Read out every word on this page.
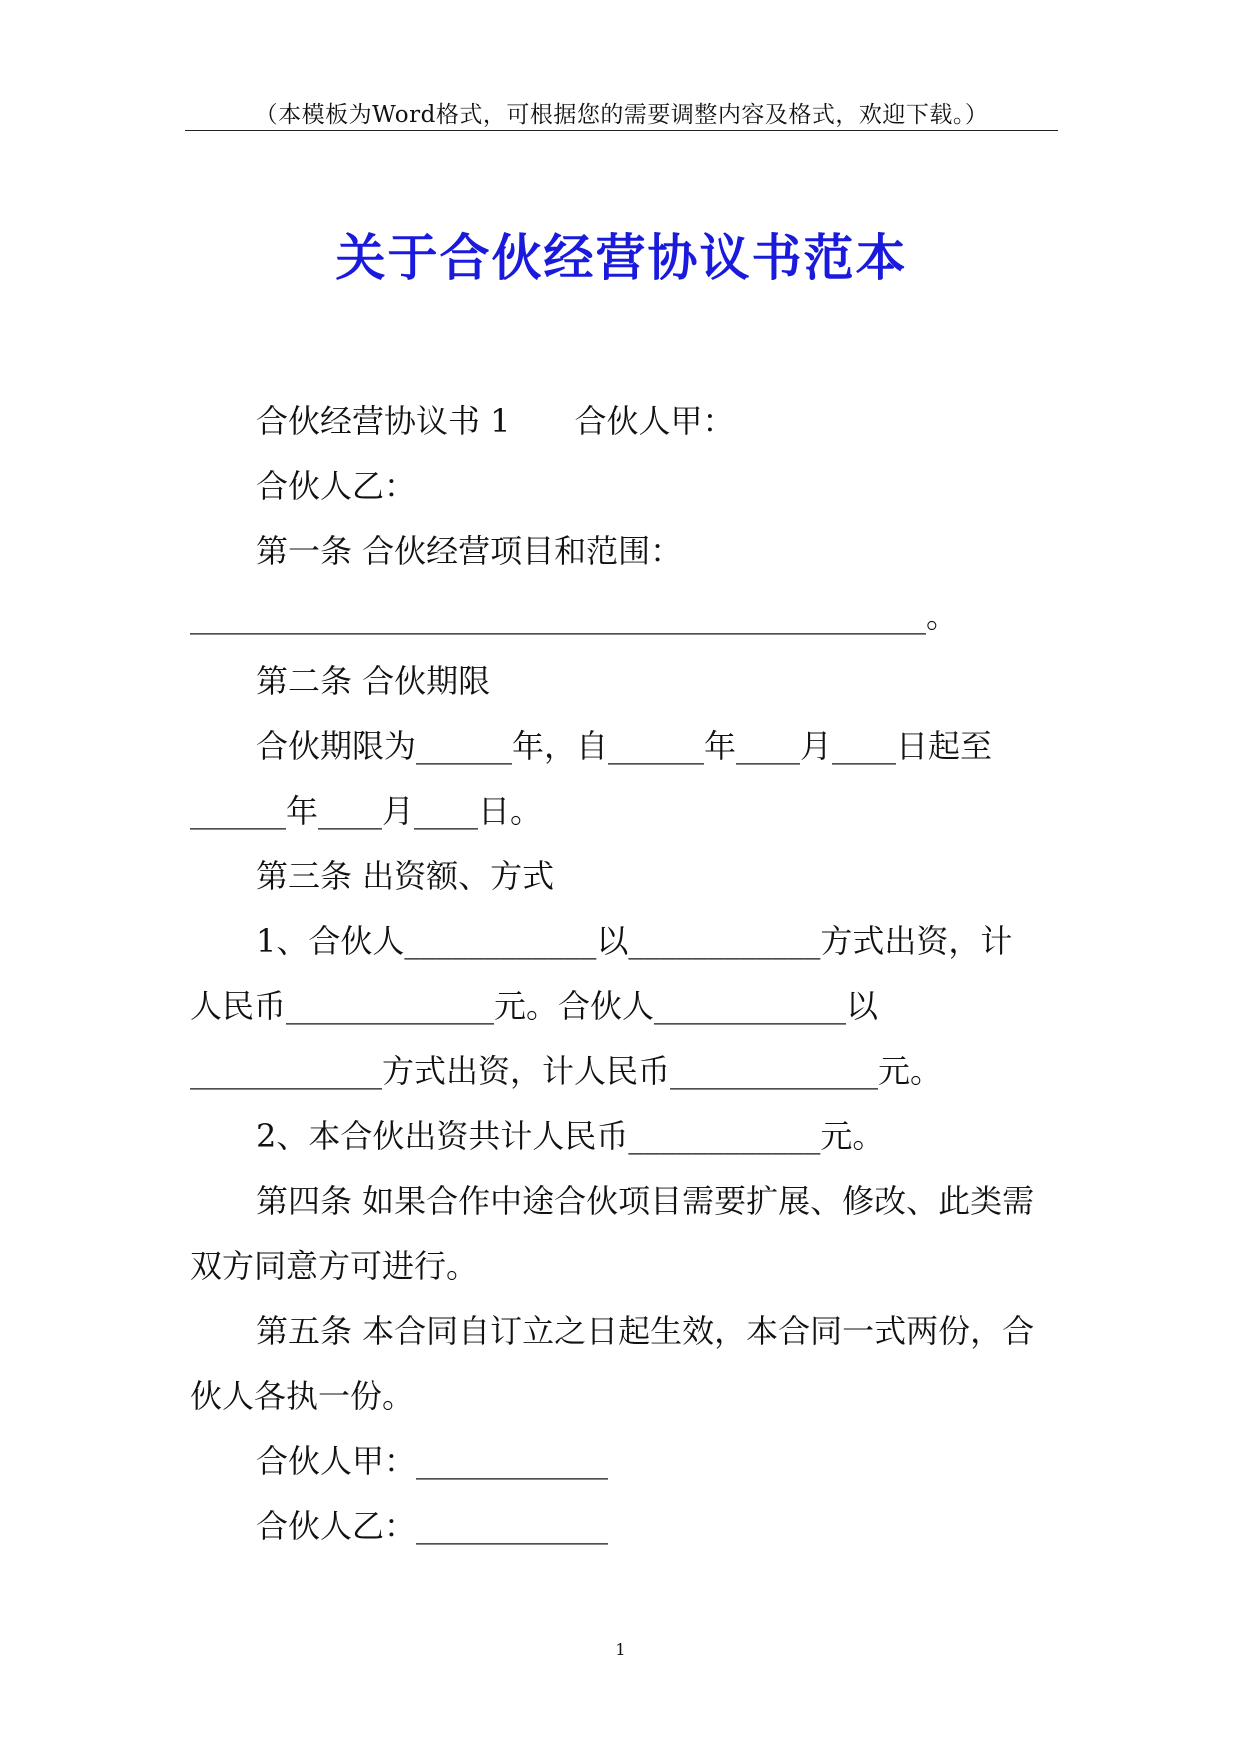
（本模板为Word格式，可根据您的需要调整内容及格式，欢迎下载。）
关于合伙经营协议书范本
合伙经营协议书 1　　合伙人甲：
合伙人乙：
第一条 合伙经营项目和范围：
______________________________________________。
第二条 合伙期限
合伙期限为______年，自______年____月____日起至
______年____月____日。
第三条 出资额、方式
1、合伙人____________以____________方式出资，计
人民币_____________元。合伙人____________以
____________方式出资，计人民币_____________元。
2、本合伙出资共计人民币____________元。
第四条 如果合作中途合伙项目需要扩展、修改、此类需
双方同意方可进行。
第五条 本合同自订立之日起生效，本合同一式两份，合
伙人各执一份。
合伙人甲：____________
合伙人乙：____________
1
